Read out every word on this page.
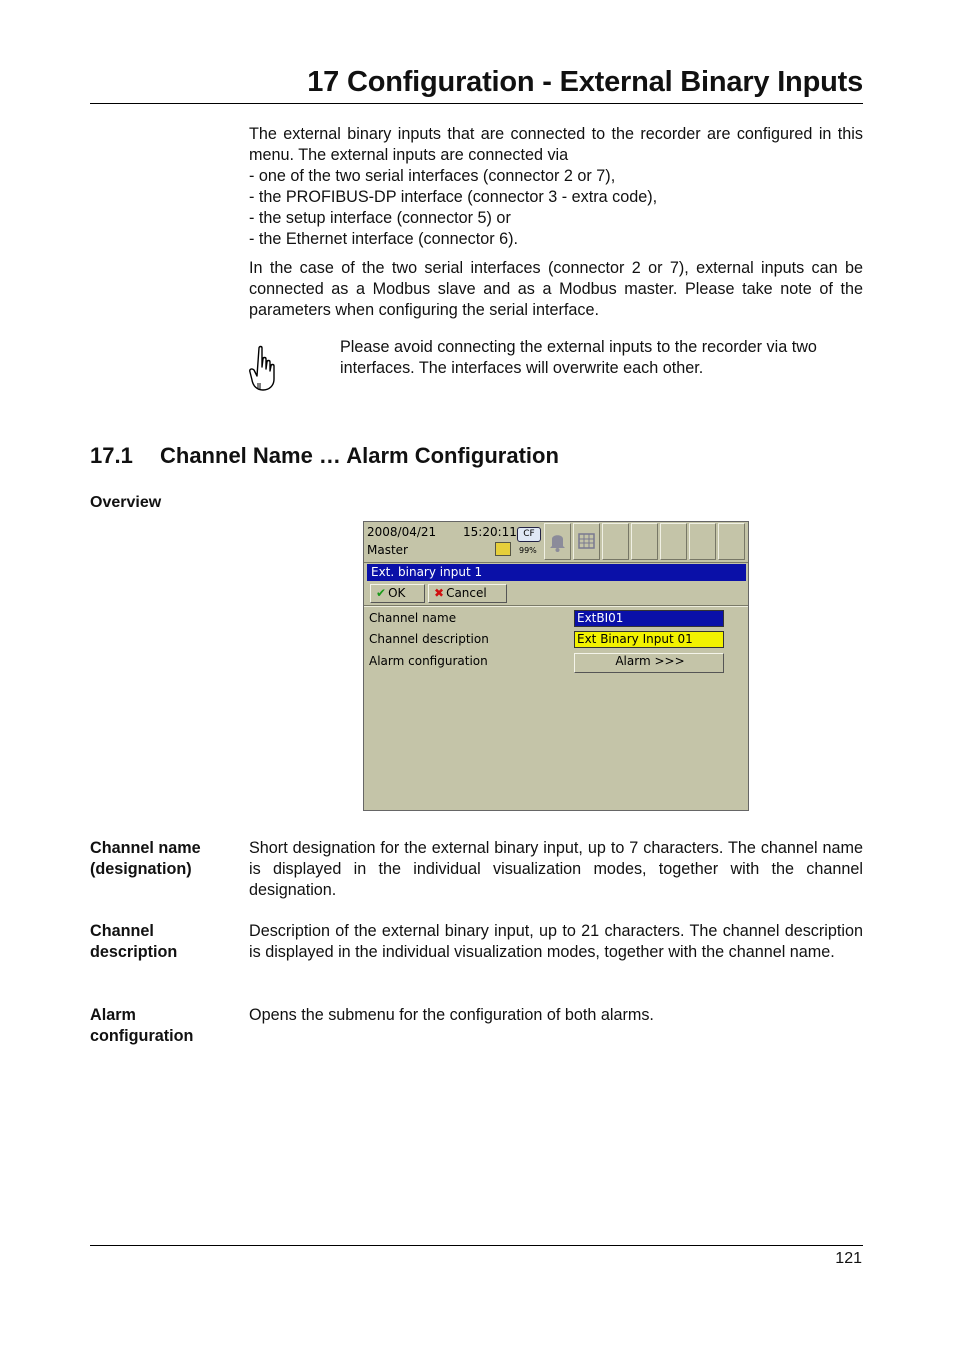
17 Configuration - External Binary Inputs

The external binary inputs that are connected to the recorder are configured in this menu. The external inputs are connected via

- one of the two serial interfaces (connector 2 or 7),
- the PROFIBUS-DP interface (connector 3 - extra code),
- the setup interface (connector 5) or
- the Ethernet interface (connector 6).
In the case of the two serial interfaces (connector 2 or 7), external inputs can be connected as a Modbus slave and as a Modbus master. Please take note of the parameters when configuring the serial interface.
Please avoid connecting the external inputs to the recorder via two interfaces. The interfaces will overwrite each other.
17.1 Channel Name … Alarm Configuration
Overview
2008/04/21 15:20:11
Master
CF
99%
Ext. binary input 1
✔ OK	✖ Cancel
Channel name	ExtBI01
Channel description	Ext Binary Input 01
Alarm configuration	Alarm >>>
Channel name (designation)
Short designation for the external binary input, up to 7 characters. The channel name is displayed in the individual visualization modes, together with the channel designation.
Channel description
Description of the external binary input, up to 21 characters. The channel description is displayed in the individual visualization modes, together with the channel name.
Alarm configuration
Opens the submenu for the configuration of both alarms.
121
